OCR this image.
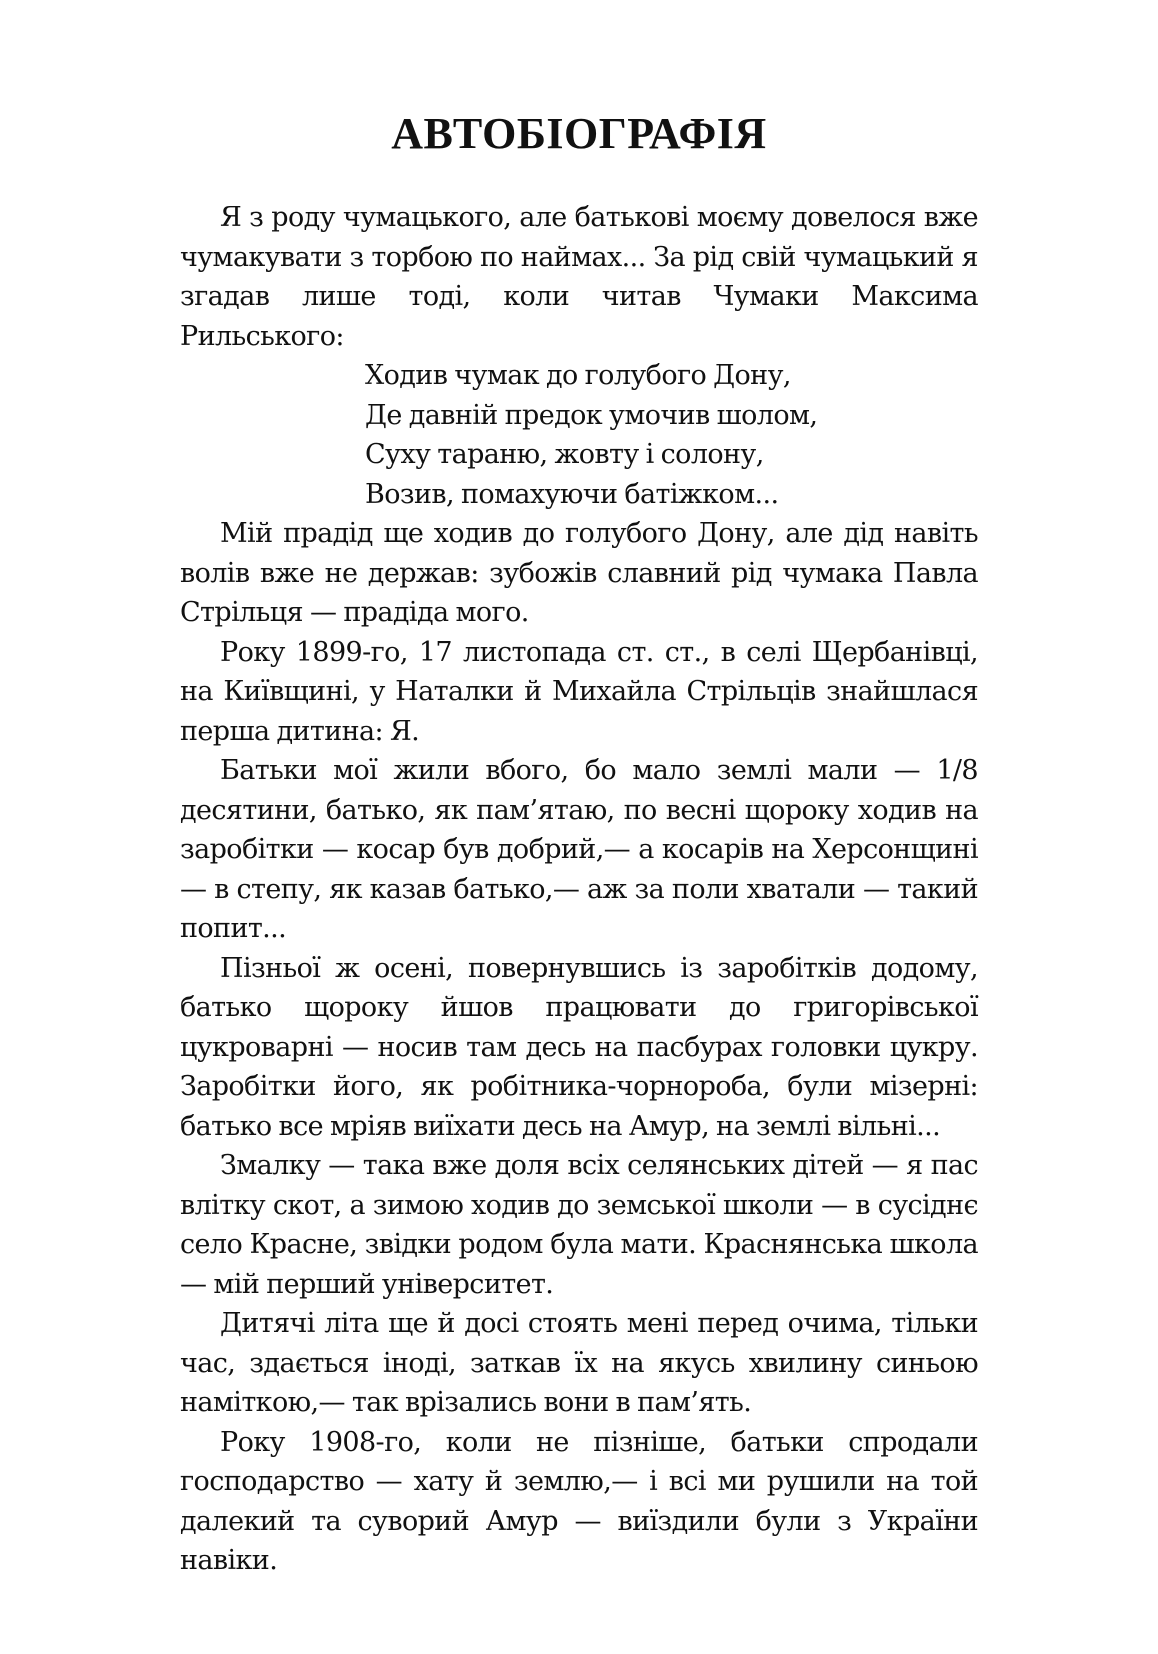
АВТОБІОГРАФІЯ

Я з роду чумацького, але батькові моєму довелося вже чумакувати з торбою по наймах... За рід свій чумацький я згадав лише тоді, коли читав Чумаки Максима Рильського:

Ходив чумак до голубого Дону,
Де давній предок умочив шолом,
Суху тараню, жовту і солону,
Возив, помахуючи батіжком...

Мій прадід ще ходив до голубого Дону, але дід навіть волів вже не держав: зубожів славний рід чумака Павла Стрільця — прадіда мого.

Року 1899-го, 17 листопада ст. ст., в селі Щербанівці, на Київщині, у Наталки й Михайла Стрільців знайшлася перша дитина: Я.

Батьки мої жили вбого, бо мало землі мали — 1/8 десятини, батько, як пам’ятаю, по весні щороку ходив на заробітки — косар був добрий,— а косарів на Херсонщині — в степу, як казав батько,— аж за поли хватали — такий попит...

Пізньої ж осені, повернувшись із заробітків додому, батько щороку йшов працювати до григорівської цукроварні — носив там десь на пасбурах головки цукру. Заробітки його, як робітника-чорнороба, були мізерні: батько все мріяв виїхати десь на Амур, на землі вільні...

Змалку — така вже доля всіх селянських дітей — я пас влітку скот, а зимою ходив до земської школи — в сусіднє село Красне, звідки родом була мати. Краснянська школа — мій перший університет.

Дитячі літа ще й досі стоять мені перед очима, тільки час, здається іноді, заткав їх на якусь хвилину синьою наміткою,— так врізались вони в пам’ять.

Року 1908-го, коли не пізніше, батьки спродали господарство — хату й землю,— і всі ми рушили на той далекий та суворий Амур — виїздили були з України навіки.
